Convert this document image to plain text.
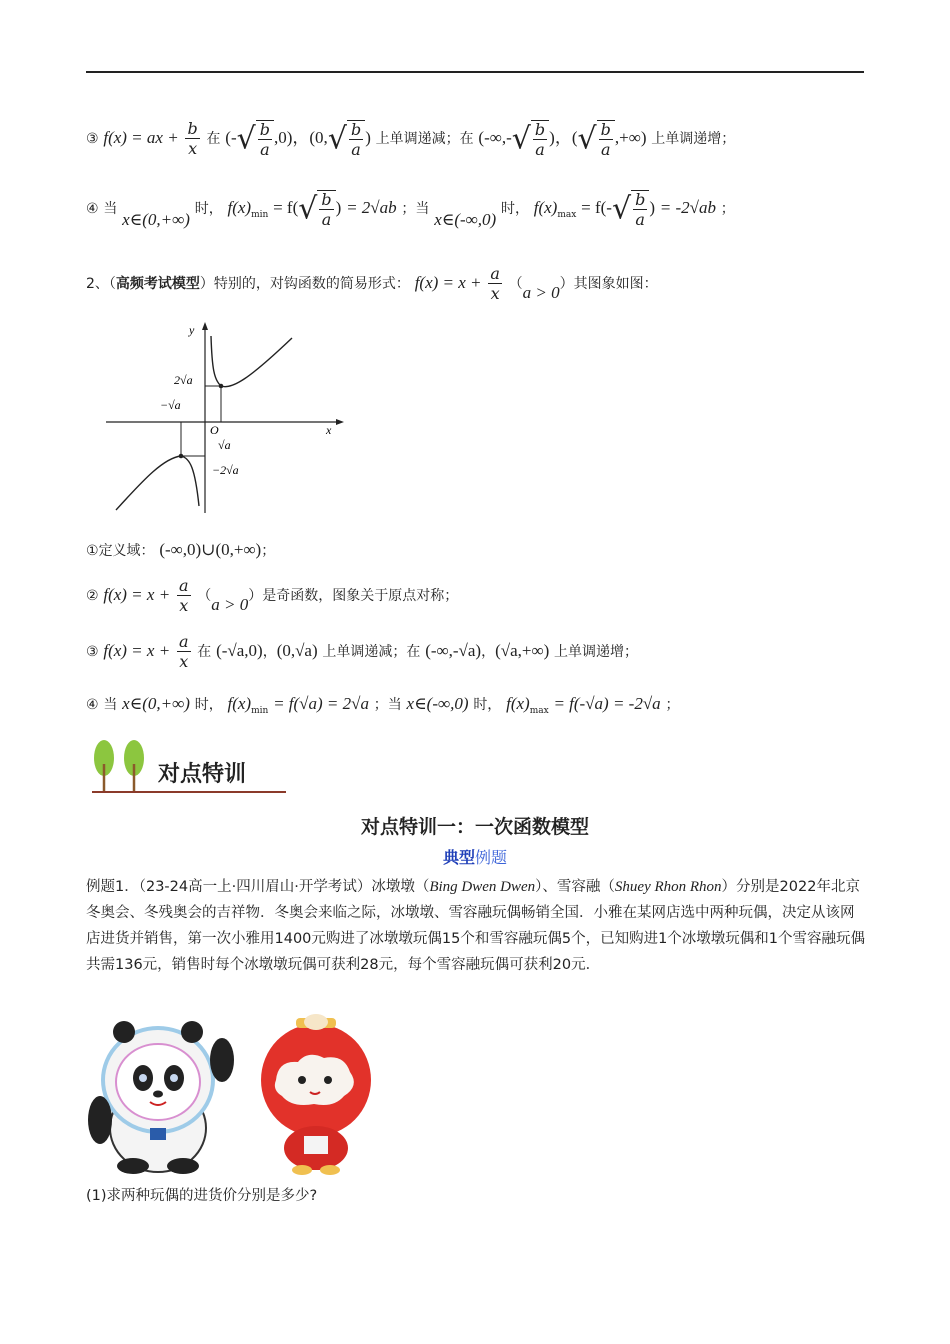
③ f(x) = ax + $\frac{b}{x}$ 在 (-√ $\frac{b}{a} ,0$)，($0,√ \frac{b}{a}$ ) 上单调递减；在 (-∞,-√ $\frac{b}{a}$ )，(√ $\frac{b}{a}$ ,+∞) 上单调递增；
④ 当 x∈(0,+∞) 时， $f(x)_{min} = f(√ \frac{b}{a}$ ) = 2√ab ；当 x∈(-∞,0) 时， $f(x)_{max} = f(-√ \frac{b}{a}$ ) = -2√ab ；
2、（高频考试模型）特别的，对钩函数的简易形式： $f(x) = x + \frac{a}{x} (a > 0)$其图象如图：
y
x
O
2√a
−√a
√a
−2√a
①定义域： (-∞,0)∪(0,+∞)；
② $f(x) = x + \frac{a}{x} (a > 0)$是奇函数，图象关于原点对称；
③ $f(x) = x + \frac{a}{x}$ 在 (-√a,0)，(0,√a) 上单调递减；在 (-∞,-√a)，(√a,+∞) 上单调递增；
④ 当 x∈(0,+∞) 时， $f(x)_{min} = f(√a) = 2√a$ ；当 x∈(-∞,0) 时， $f(x)_{max} = f(-√a) = -2√a$ ；
对点特训
对点特训一：一次函数模型
典型例题
例题1．（23-24高一上·四川眉山·开学考试）冰墩墩（Bing Dwen Dwen）、雪容融（Shuey Rhon Rhon）分别是2022年北京冬奥会、冬残奥会的吉祥物．冬奥会来临之际，冰墩墩、雪容融玩偶畅销全国．小雅在某网店选中两种玩偶，决定从该网店进货并销售，第一次小雅用1400元购进了冰墩墩玩偶15个和雪容融玩偶5个，已知购进1个冰墩墩玩偶和1个雪容融玩偶共需136元，销售时每个冰墩墩玩偶可获利28元，每个雪容融玩偶可获利20元．
(1)求两种玩偶的进货价分别是多少?
